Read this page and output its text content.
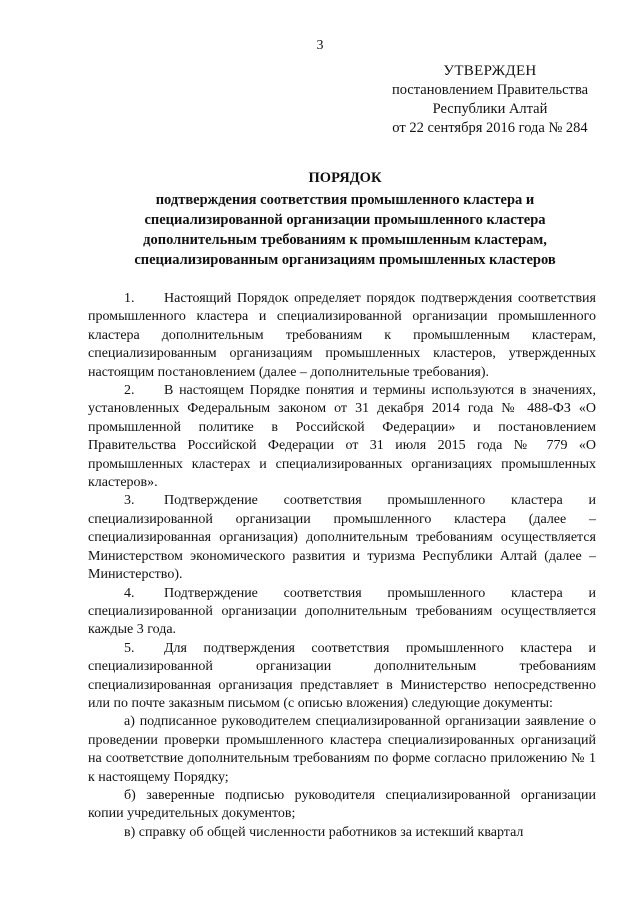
3
УТВЕРЖДЕН
постановлением Правительства
Республики Алтай
от 22 сентября 2016 года № 284
ПОРЯДОК
подтверждения соответствия промышленного кластера и специализированной организации промышленного кластера дополнительным требованиям к промышленным кластерам, специализированным организациям промышленных кластеров

1. Настоящий Порядок определяет порядок подтверждения соответствия промышленного кластера и специализированной организации промышленного кластера дополнительным требованиям к промышленным кластерам, специализированным организациям промышленных кластеров, утвержденных настоящим постановлением (далее – дополнительные требования).

2. В настоящем Порядке понятия и термины используются в значениях, установленных Федеральным законом от 31 декабря 2014 года № 488-ФЗ «О промышленной политике в Российской Федерации» и постановлением Правительства Российской Федерации от 31 июля 2015 года № 779 «О промышленных кластерах и специализированных организациях промышленных кластеров».

3. Подтверждение соответствия промышленного кластера и специализированной организации промышленного кластера (далее – специализированная организация) дополнительным требованиям осуществляется Министерством экономического развития и туризма Республики Алтай (далее – Министерство).

4. Подтверждение соответствия промышленного кластера и специализированной организации дополнительным требованиям осуществляется каждые 3 года.

5. Для подтверждения соответствия промышленного кластера и специализированной организации дополнительным требованиям специализированная организация представляет в Министерство непосредственно или по почте заказным письмом (с описью вложения) следующие документы:

а) подписанное руководителем специализированной организации заявление о проведении проверки промышленного кластера специализированных организаций на соответствие дополнительным требованиям по форме согласно приложению № 1 к настоящему Порядку;

б) заверенные подписью руководителя специализированной организации копии учредительных документов;

в) справку об общей численности работников за истекший квартал
